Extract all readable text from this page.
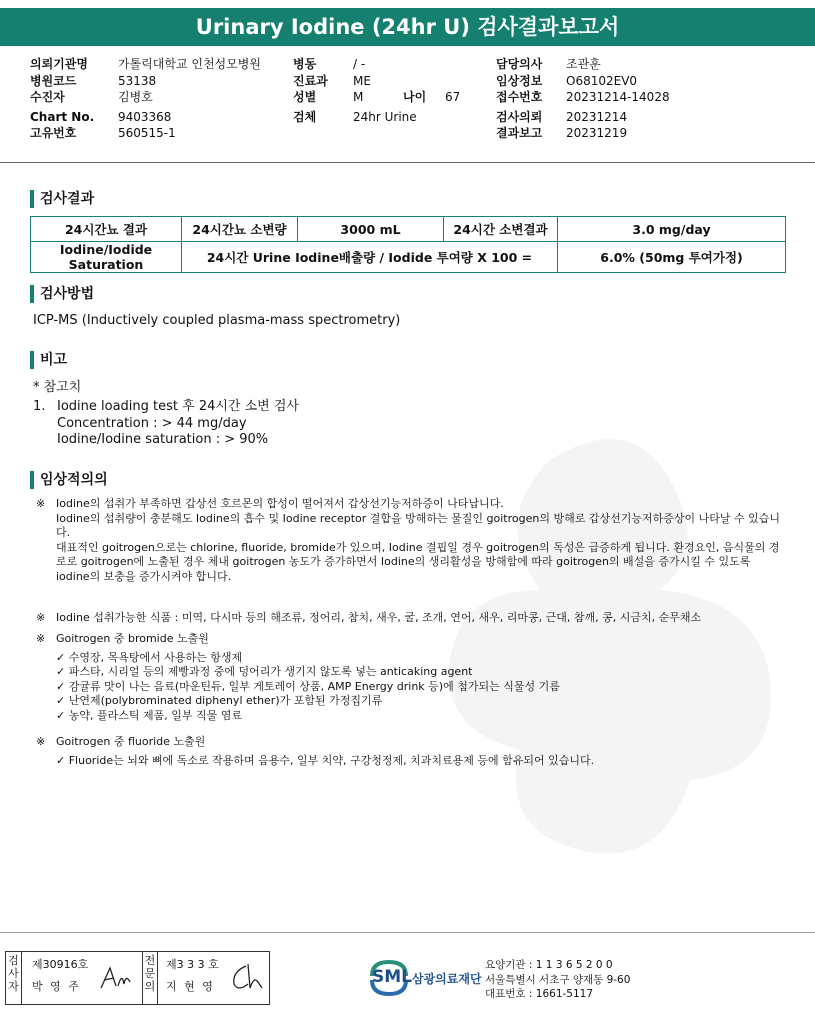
Urinary Iodine (24hr U) 검사결과보고서
의뢰기관명	가톨릭대학교 인천성모병원
병원코드	53138
수진자	김병호
Chart No. 9403368
고유번호	560515-1
병동	/ -
진료과 ME
성별	M	나이 67
검체	24hr Urine
담당의사 조관훈
임상정보 O68102EV0
접수번호 20231214-14028
검사의뢰 20231214
결과보고 20231219
검사결과
24시간뇨 결과	24시간뇨 소변량	3000 mL	24시간 소변결과	3.0 mg/day
Iodine/Iodide Saturation	24시간 Urine Iodine배출량 / Iodide 투여량 X 100 =			6.0% (50mg 투여가정)
검사방법
ICP-MS (Inductively coupled plasma-mass spectrometry)
비고
* 참고치
1. Iodine loading test 후 24시간 소변 검사
Concentration : > 44 mg/day
Iodine/Iodine saturation : > 90%
임상적의의
※ Iodine의 섭취가 부족하면 갑상선 호르몬의 합성이 떨어져서 갑상선기능저하증이 나타납니다.
Iodine의 섭취량이 충분해도 Iodine의 흡수 및 Iodine receptor 결합을 방해하는 물질인 goitrogen의 방해로 갑상선기능저하증상이 나타날 수 있습니다.
대표적인 goitrogen으로는 chlorine, fluoride, bromide가 있으며, Iodine 결핍일 경우 goitrogen의 독성은 급증하게 됩니다. 환경요인, 음식물의 경로로 goitrogen에 노출된 경우 체내 goitrogen 농도가 증가하면서 Iodine의 생리활성을 방해함에 따라 goitrogen의 배설을 증가시킬 수 있도록 iodine의 보충을 증가시켜야 합니다.
※ Iodine 섭취가능한 식품 : 미역, 다시마 등의 해조류, 정어리, 참치, 새우, 굴, 조개, 연어, 새우, 리마콩, 근대, 참깨, 콩, 시금치, 순무채소
※ Goitrogen 중 bromide 노출원
✓ 수영장, 목욕탕에서 사용하는 항생제
✓ 파스타, 시리얼 등의 제빵과정 중에 덩어리가 생기지 않도록 넣는 anticaking agent
✓ 감귤류 맛이 나는 음료(마운틴듀, 일부 게토레이 상품, AMP Energy drink 등)에 첨가되는 식물성 기름
✓ 난연제(polybrominated diphenyl ether)가 포함된 가정집기류
✓ 농약, 플라스틱 제품, 일부 직물 염료
※ Goitrogen 중 fluoride 노출원
✓ Fluoride는 뇌와 뼈에 독소로 작용하며 음용수, 일부 치약, 구강청정제, 치과치료용제 등에 함유되어 있습니다.
검 사 자
제30916호
박 영 주
전 문 의
제3 3 3 호
지 현 영	SML 삼광의료재단
요양기관 : 1 1 3 6 5 2 0 0
서울특별시 서초구 양재동 9-60
대표번호 : 1661-5117
